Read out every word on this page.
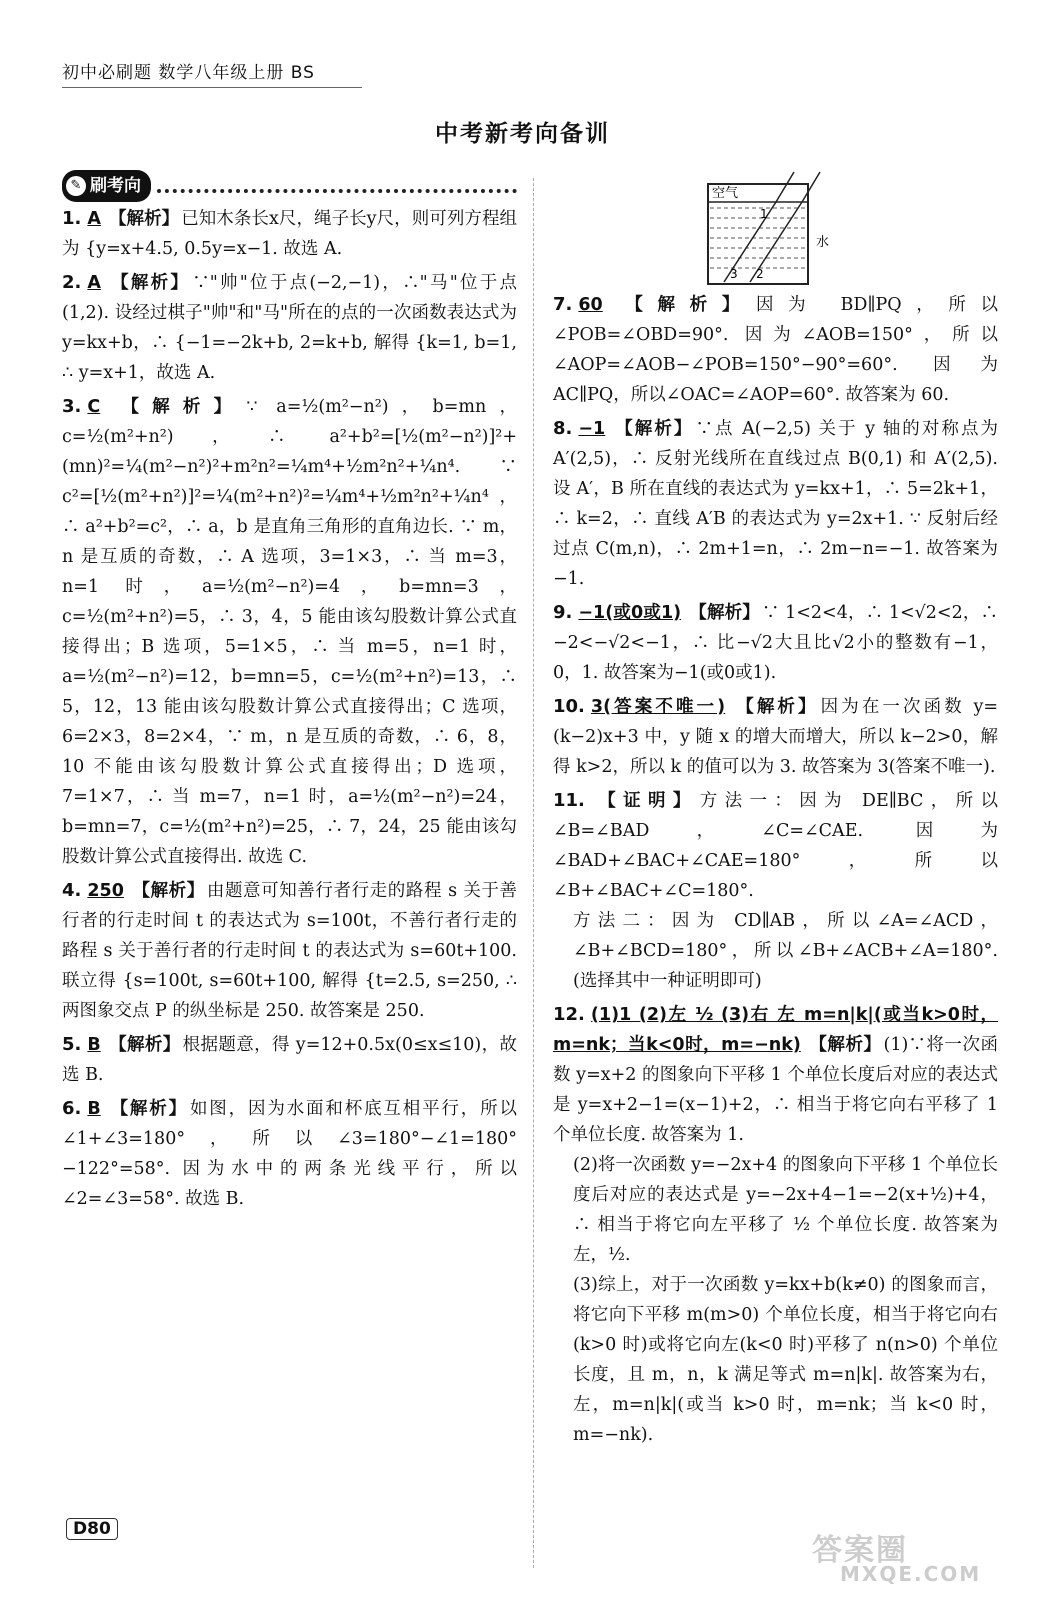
初中必刷题 数学八年级上册 BS
中考新考向备训
空气
水
1
2
3
✎ 刷考向
1. A 【解析】 已知木条长x尺，绳子长y尺，则可列方程组为 {y=x+4.5, 0.5y=x−1. 故选 A.
2. A 【解析】 ∵"帅"位于点(−2,−1)，∴"马"位于点(1,2). 设经过棋子"帅"和"马"所在的点的一次函数表达式为 y=kx+b，∴ {−1=−2k+b, 2=k+b, 解得 {k=1, b=1, ∴ y=x+1，故选 A.
3. C 【解析】 ∵ a=½(m²−n²)，b=mn，c=½(m²+n²)，∴ a²+b²=[½(m²−n²)]²+(mn)²=¼(m²−n²)²+m²n²=¼m⁴+½m²n²+¼n⁴. ∵ c²=[½(m²+n²)]²=¼(m²+n²)²=¼m⁴+½m²n²+¼n⁴，∴ a²+b²=c²，∴ a，b 是直角三角形的直角边长. ∵ m，n 是互质的奇数，∴ A 选项，3=1×3，∴ 当 m=3，n=1 时，a=½(m²−n²)=4，b=mn=3，c=½(m²+n²)=5，∴ 3，4，5 能由该勾股数计算公式直接得出；B 选项，5=1×5，∴ 当 m=5，n=1 时，a=½(m²−n²)=12，b=mn=5，c=½(m²+n²)=13，∴ 5，12，13 能由该勾股数计算公式直接得出；C 选项，6=2×3，8=2×4，∵ m，n 是互质的奇数，∴ 6，8，10 不能由该勾股数计算公式直接得出；D 选项，7=1×7，∴ 当 m=7，n=1 时，a=½(m²−n²)=24，b=mn=7，c=½(m²+n²)=25，∴ 7，24，25 能由该勾股数计算公式直接得出. 故选 C.
4. 250 【解析】 由题意可知善行者行走的路程 s 关于善行者的行走时间 t 的表达式为 s=100t，不善行者行走的路程 s 关于善行者的行走时间 t 的表达式为 s=60t+100. 联立得 {s=100t, s=60t+100, 解得 {t=2.5, s=250, ∴ 两图象交点 P 的纵坐标是 250. 故答案是 250.
5. B 【解析】 根据题意，得 y=12+0.5x(0≤x≤10)，故选 B.
6. B 【解析】 如图，因为水面和杯底互相平行，所以∠1+∠3=180°，所以∠3=180°−∠1=180°−122°=58°. 因为水中的两条光线平行，所以∠2=∠3=58°. 故选 B.
7. 60 【解析】 因为 BD∥PQ，所以∠POB=∠OBD=90°. 因为∠AOB=150°，所以∠AOP=∠AOB−∠POB=150°−90°=60°. 因为 AC∥PQ，所以∠OAC=∠AOP=60°. 故答案为 60.
8. −1 【解析】 ∵点 A(−2,5) 关于 y 轴的对称点为 A′(2,5)，∴ 反射光线所在直线过点 B(0,1) 和 A′(2,5). 设 A′，B 所在直线的表达式为 y=kx+1，∴ 5=2k+1，∴ k=2，∴ 直线 A′B 的表达式为 y=2x+1. ∵ 反射后经过点 C(m,n)，∴ 2m+1=n，∴ 2m−n=−1. 故答案为−1.
9. −1(或0或1) 【解析】 ∵ 1<2<4，∴ 1<√2<2，∴ −2<−√2<−1，∴ 比−√2大且比√2小的整数有−1，0，1. 故答案为−1(或0或1).
10. 3(答案不唯一) 【解析】 因为在一次函数 y=(k−2)x+3 中，y 随 x 的增大而增大，所以 k−2>0，解得 k>2，所以 k 的值可以为 3. 故答案为 3(答案不唯一).
11. 【证明】 方法一：因为 DE∥BC，所以∠B=∠BAD，∠C=∠CAE. 因为∠BAD+∠BAC+∠CAE=180°，所以∠B+∠BAC+∠C=180°.
方法二：因为 CD∥AB，所以∠A=∠ACD，∠B+∠BCD=180°，所以∠B+∠ACB+∠A=180°. (选择其中一种证明即可)
12. (1)1 (2)左 ½ (3)右 左 m=n|k|(或当k>0时，m=nk；当k<0时，m=−nk) 【解析】 (1)∵将一次函数 y=x+2 的图象向下平移 1 个单位长度后对应的表达式是 y=x+2−1=(x−1)+2，∴ 相当于将它向右平移了 1 个单位长度. 故答案为 1.
(2)将一次函数 y=−2x+4 的图象向下平移 1 个单位长度后对应的表达式是 y=−2x+4−1=−2(x+½)+4，∴ 相当于将它向左平移了 ½ 个单位长度. 故答案为左，½.
(3)综上，对于一次函数 y=kx+b(k≠0) 的图象而言，将它向下平移 m(m>0) 个单位长度，相当于将它向右(k>0 时)或将它向左(k<0 时)平移了 n(n>0) 个单位长度，且 m，n，k 满足等式 m=n|k|. 故答案为右，左，m=n|k|(或当 k>0 时，m=nk；当 k<0 时，m=−nk).
D80
答案圈
MXQE.COM
